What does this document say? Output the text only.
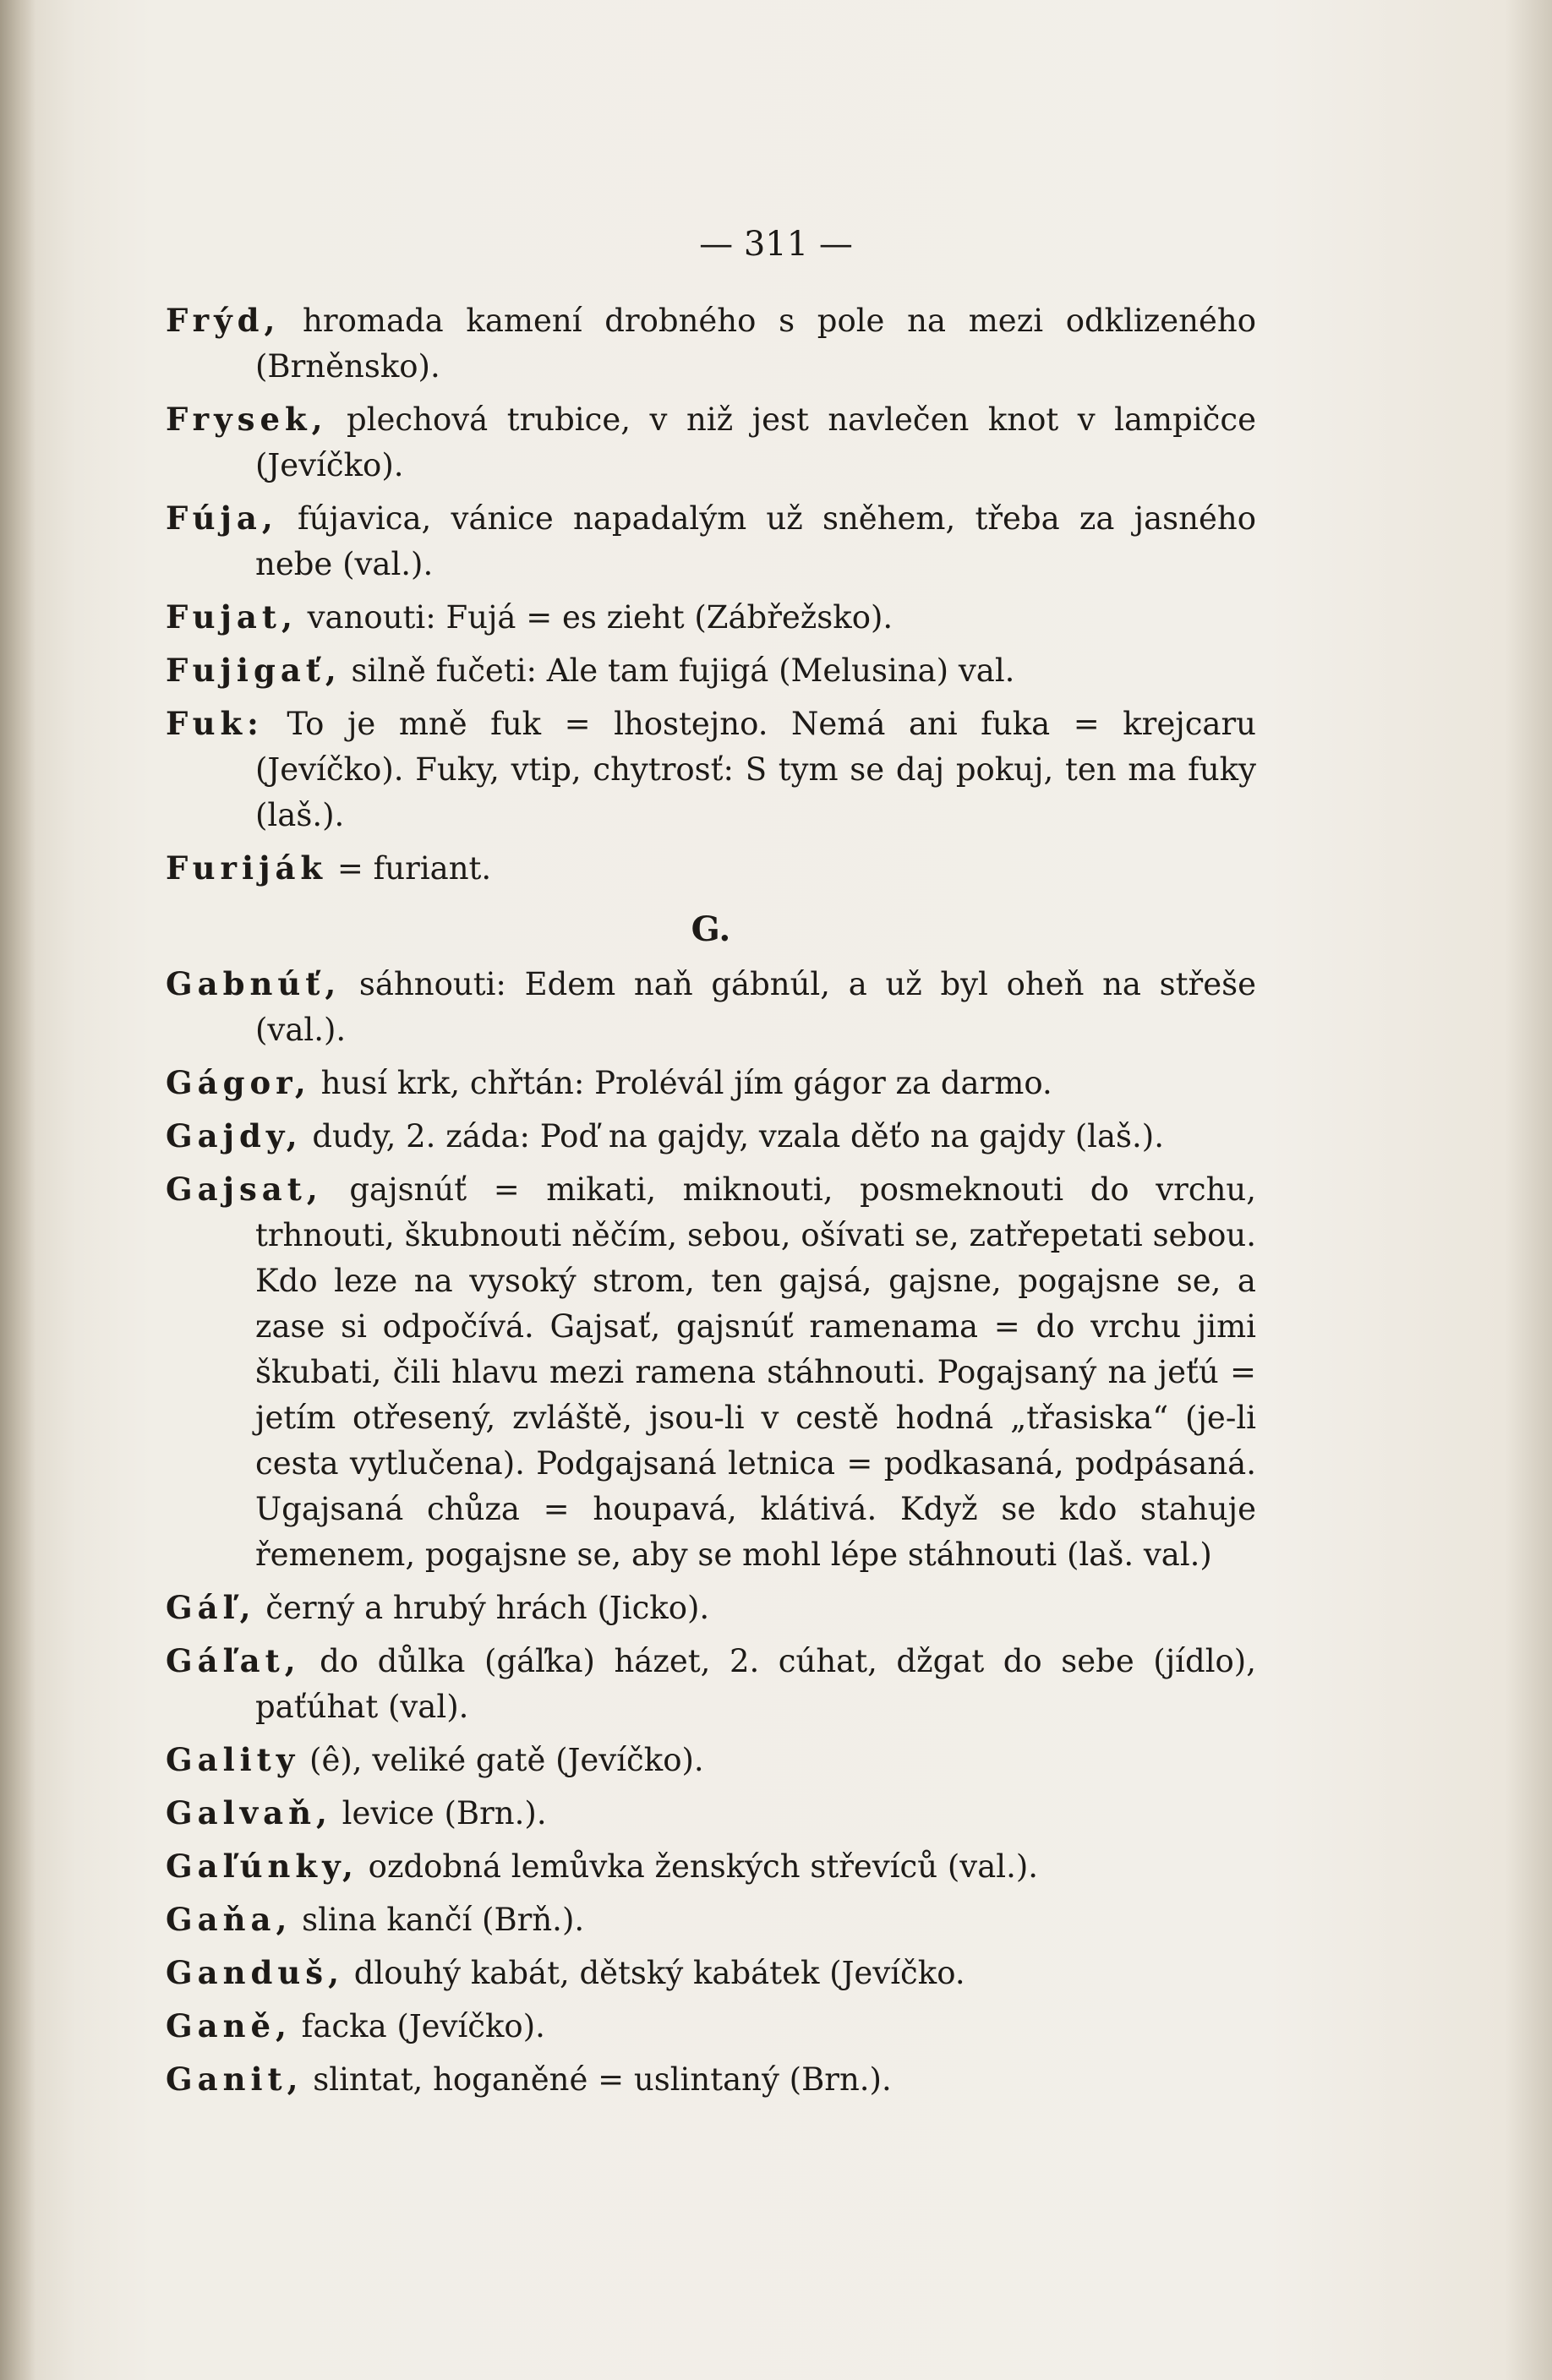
— 311 —

Frýd, hromada kamení drobného s pole na mezi odklizeného (Brněnsko).

Frysek, plechová trubice, v niž jest navlečen knot v lampičce (Jevíčko).

Fúja, fújavica, vánice napadalým už sněhem, třeba za jasného nebe (val.).

Fujat, vanouti: Fujá = es zieht (Zábřežsko).

Fujigať, silně fučeti: Ale tam fujigá (Melusina) val.

Fuk: To je mně fuk = lhostejno. Nemá ani fuka = krejcaru (Jevíčko). Fuky, vtip, chytrosť: S tym se daj pokuj, ten ma fuky (laš.).

Furiják = furiant.

G.

Gabnúť, sáhnouti: Edem naň gábnúl, a už byl oheň na střeše (val.).

Gágor, husí krk, chřtán: Prolévál jím gágor za darmo.

Gajdy, dudy, 2. záda: Poď na gajdy, vzala děťo na gajdy (laš.).

Gajsat, gajsnúť = mikati, miknouti, posmeknouti do vrchu, trhnouti, škubnouti něčím, sebou, ošívati se, zatřepetati sebou. Kdo leze na vysoký strom, ten gajsá, gajsne, pogajsne se, a zase si odpočívá. Gajsať, gajsnúť ramenama = do vrchu jimi škubati, čili hlavu mezi ramena stáhnouti. Pogajsaný na jeťú = jetím otřesený, zvláště, jsou-li v cestě hodná „třasiska“ (je-li cesta vytlučena). Podgajsaná letnica = podkasaná, podpásaná. Ugajsaná chůza = houpavá, klátivá. Když se kdo stahuje řemenem, pogajsne se, aby se mohl lépe stáhnouti (laš. val.)

Gáľ, černý a hrubý hrách (Jicko).

Gáľat, do důlka (gáľka) házet, 2. cúhat, džgat do sebe (jídlo), paťúhat (val).

Gality (ê), veliké gatě (Jevíčko).

Galvaň, levice (Brn.).

Gaľúnky, ozdobná lemůvka ženských střevíců (val.).

Gaňa, slina kančí (Brň.).

Ganduš, dlouhý kabát, dětský kabátek (Jevíčko.

Ganě, facka (Jevíčko).

Ganit, slintat, hoganěné = uslintaný (Brn.).
